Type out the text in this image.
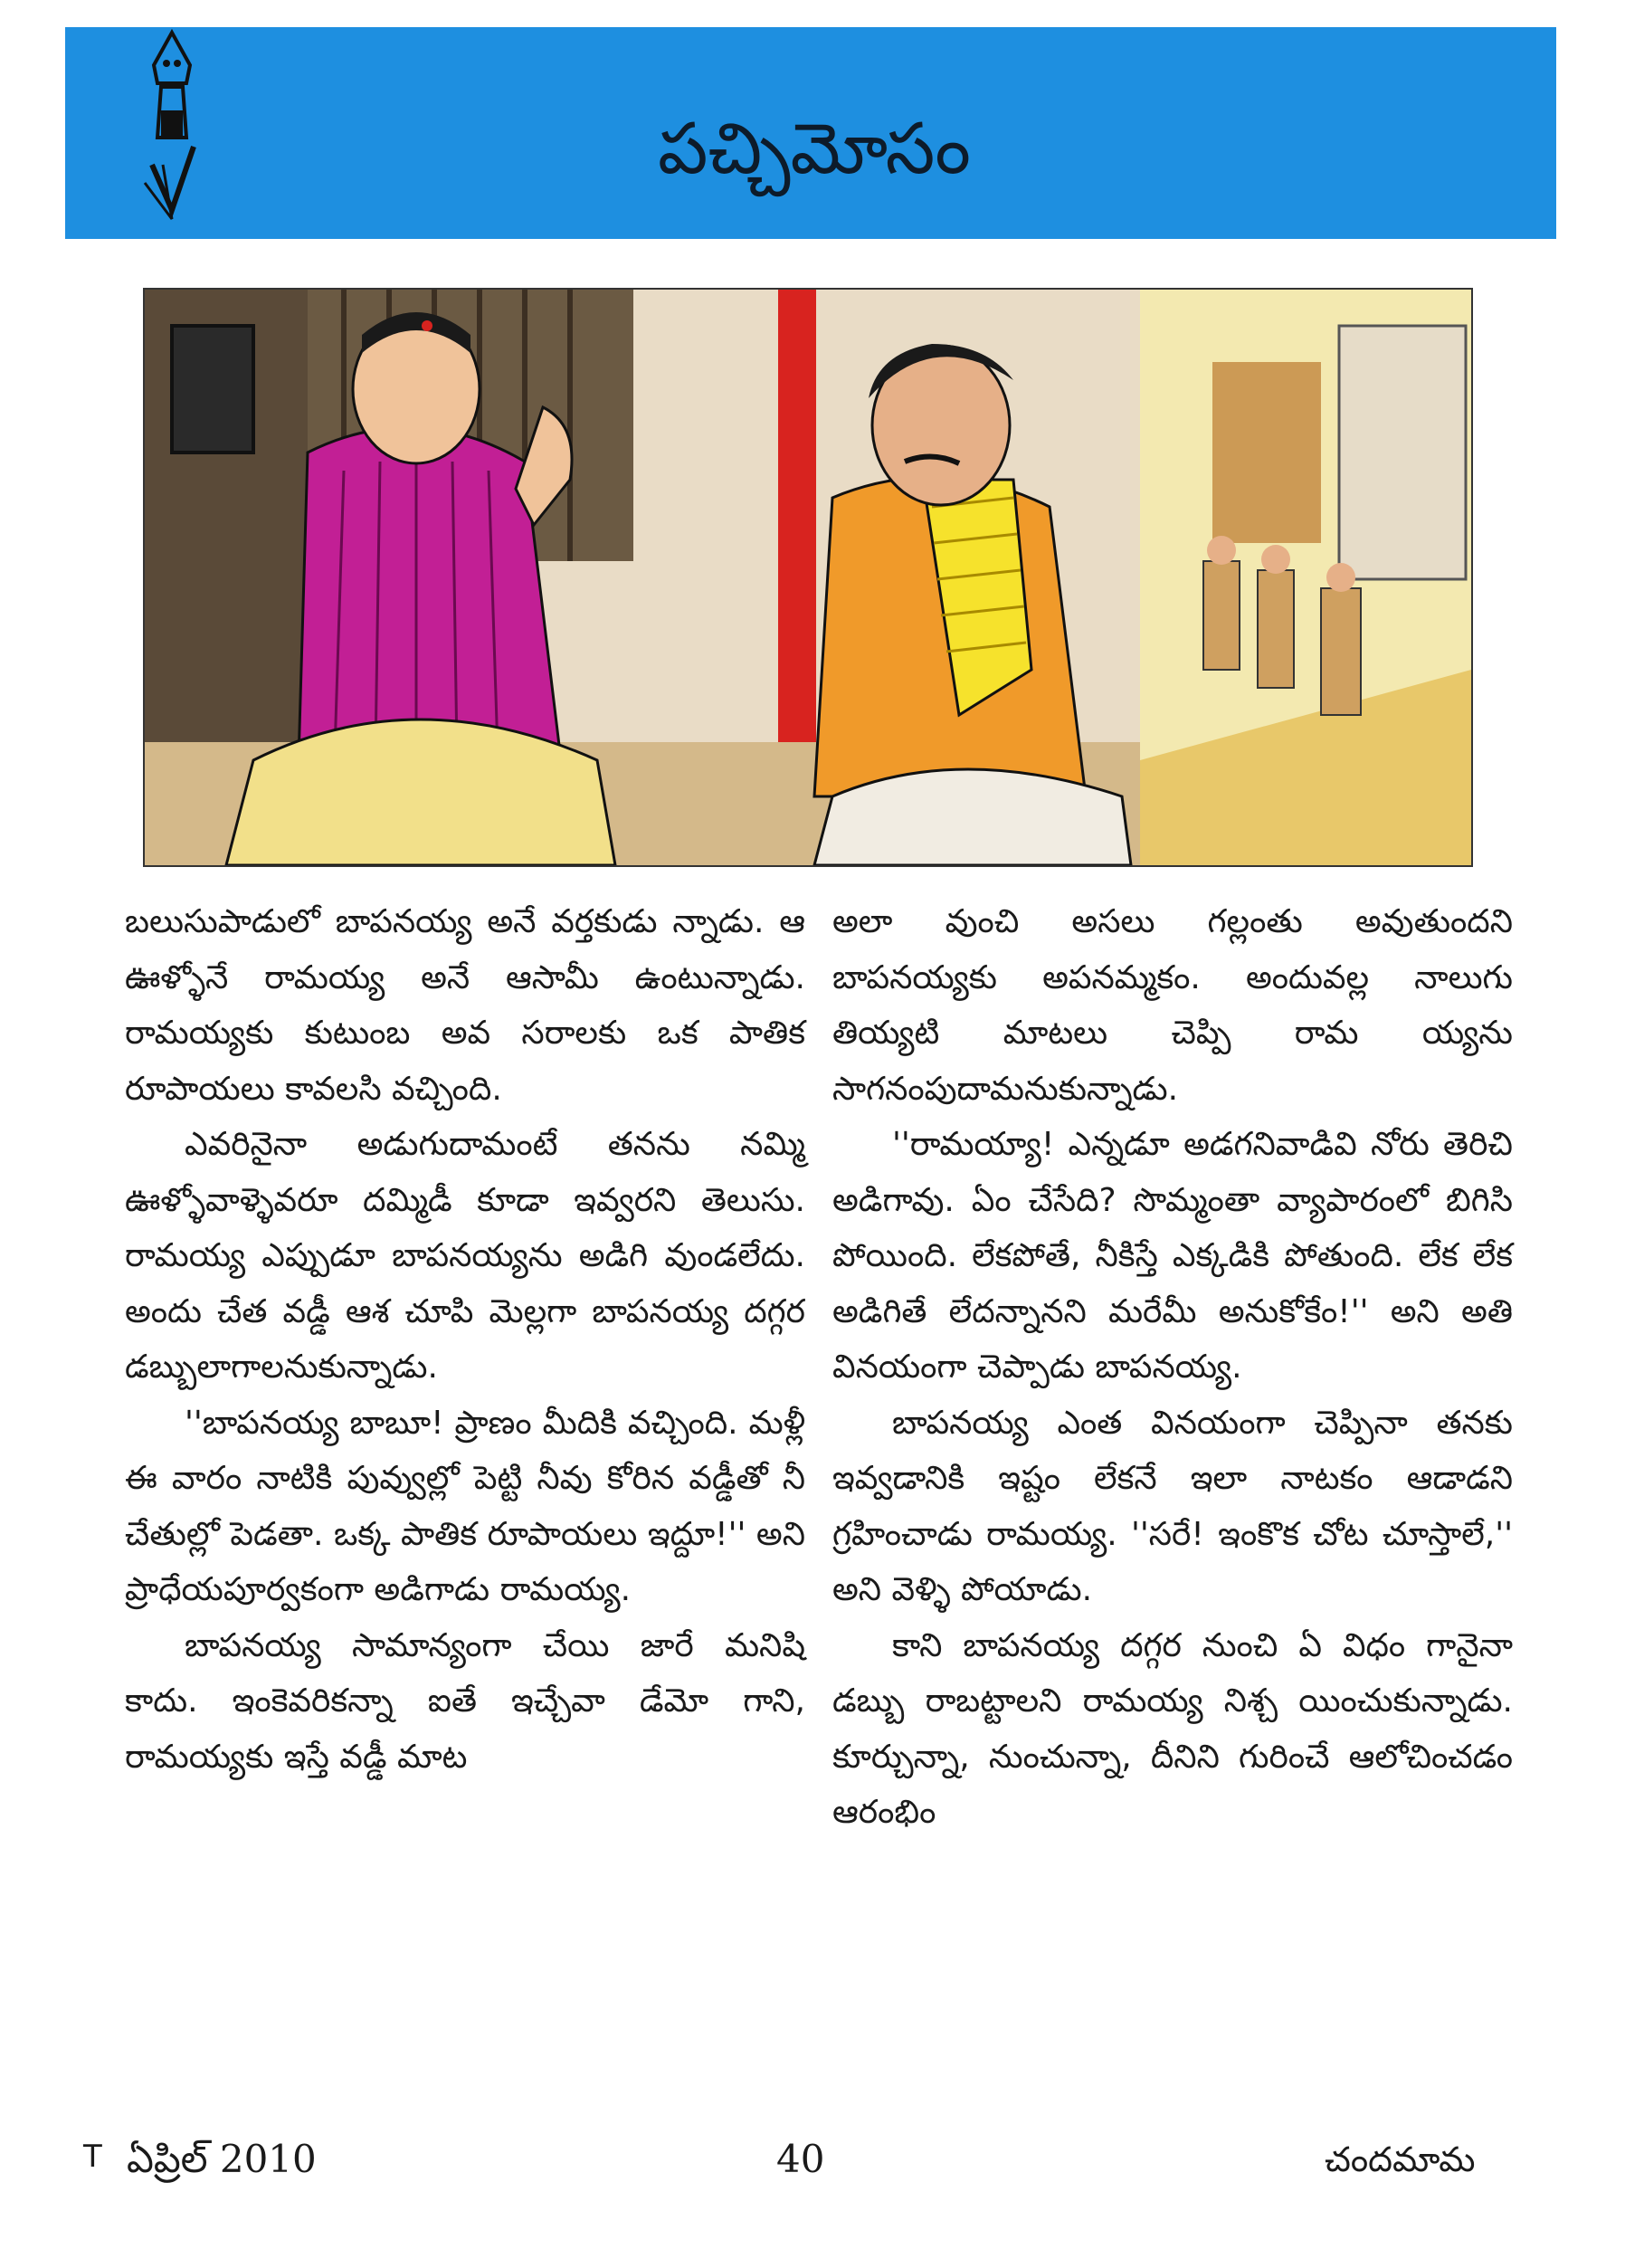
పచ్చిమోసం

బలుసుపాడులో బాపనయ్య అనే వర్తకుడు న్నాడు. ఆ ఊళ్ళోనే రామయ్య అనే ఆసామీ ఉంటున్నాడు. రామయ్యకు కుటుంబ అవ సరాలకు ఒక పాతిక రూపాయలు కావలసి వచ్చింది.

ఎవరినైనా అడుగుదామంటే తనను నమ్మి ఊళ్ళోవాళ్ళెవరూ దమ్మిడీ కూడా ఇవ్వరని తెలుసు. రామయ్య ఎప్పుడూ బాపనయ్యను అడిగి వుండలేదు. అందు చేత వడ్డీ ఆశ చూపి మెల్లగా బాపనయ్య దగ్గర డబ్బులాగాలనుకున్నాడు.

''బాపనయ్య బాబూ! ప్రాణం మీదికి వచ్చింది. మళ్లీ ఈ వారం నాటికి పువ్వుల్లో పెట్టి నీవు కోరిన వడ్డీతో నీ చేతుల్లో పెడతా. ఒక్క పాతిక రూపాయలు ఇద్దూ!'' అని ప్రాధేయపూర్వకంగా అడిగాడు రామయ్య.

బాపనయ్య సామాన్యంగా చేయి జారే మనిషి కాదు. ఇంకెవరికన్నా ఐతే ఇచ్చేవా డేమో గాని, రామయ్యకు ఇస్తే వడ్డీ మాట

అలా వుంచి అసలు గల్లంతు అవుతుందని బాపనయ్యకు అపనమ్మకం. అందువల్ల నాలుగు తియ్యటి మాటలు చెప్పి రామ య్యను సాగనంపుదామనుకున్నాడు.

''రామయ్యా! ఎన్నడూ అడగనివాడివి నోరు తెరిచి అడిగావు. ఏం చేసేది? సొమ్మంతా వ్యాపారంలో బిగిసి పోయింది. లేకపోతే, నీకిస్తే ఎక్కడికి పోతుంది. లేక లేక అడిగితే లేదన్నానని మరేమీ అనుకోకేం!'' అని అతి వినయంగా చెప్పాడు బాపనయ్య.

బాపనయ్య ఎంత వినయంగా చెప్పినా తనకు ఇవ్వడానికి ఇష్టం లేకనే ఇలా నాటకం ఆడాడని గ్రహించాడు రామయ్య. ''సరే! ఇంకొక చోట చూస్తాలే,'' అని వెళ్ళి పోయాడు.

కాని బాపనయ్య దగ్గర నుంచి ఏ విధం గానైనా డబ్బు రాబట్టాలని రామయ్య నిశ్చ యించుకున్నాడు. కూర్చున్నా, నుంచున్నా, దీనిని గురించే ఆలోచించడం ఆరంభిం

T ఏప్రిల్ 2010	40	చందమామ
